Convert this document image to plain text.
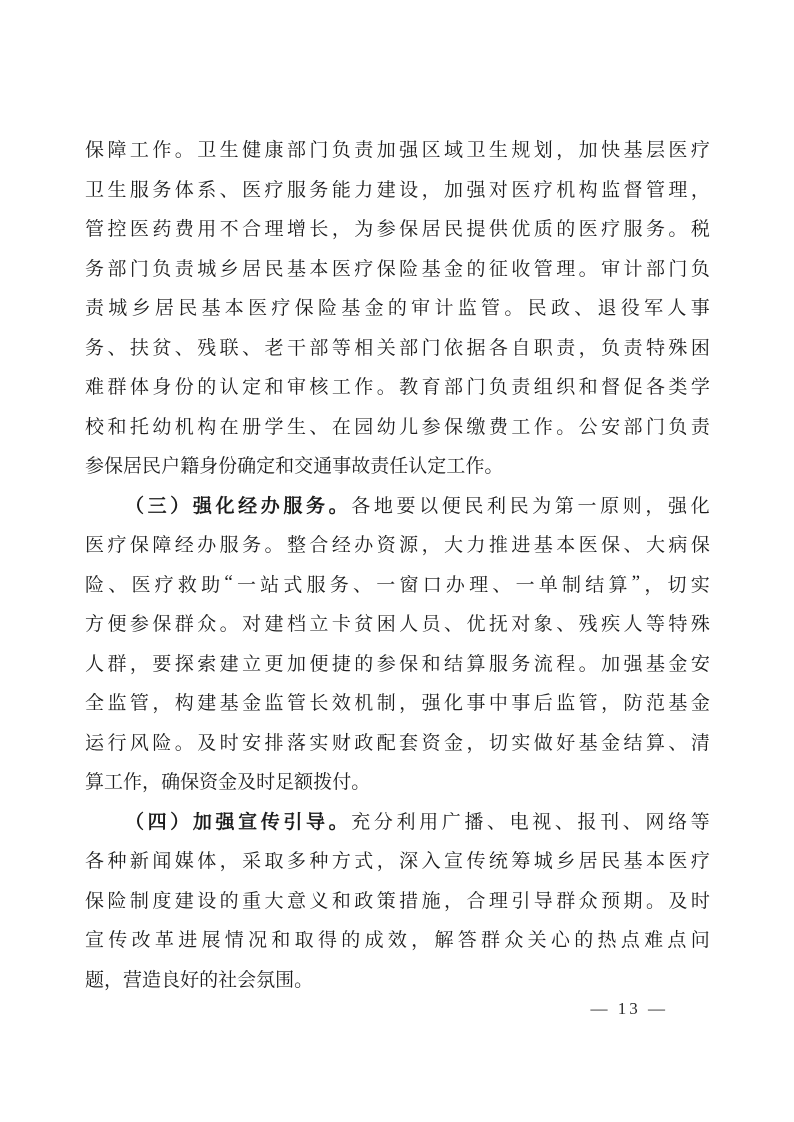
保 障 工 作 。 卫 生 健 康 部 门 负 责 加 强 区 域 卫 生 规 划 ， 加 快 基 层 医 疗
卫 生 服 务 体 系 、 医 疗 服 务 能 力 建 设 ， 加 强 对 医 疗 机 构 监 督 管 理 ，
管 控 医 药 费 用 不 合 理 增 长 ， 为 参 保 居 民 提 供 优 质 的 医 疗 服 务 。 税
务 部 门 负 责 城 乡 居 民 基 本 医 疗 保 险 基 金 的 征 收 管 理 。 审 计 部 门 负
责 城 乡 居 民 基 本 医 疗 保 险 基 金 的 审 计 监 管 。 民 政 、 退 役 军 人 事
务 、 扶 贫 、 残 联 、 老 干 部 等 相 关 部 门 依 据 各 自 职 责 ， 负 责 特 殊 困
难 群 体 身 份 的 认 定 和 审 核 工 作 。 教 育 部 门 负 责 组 织 和 督 促 各 类 学
校 和 托 幼 机 构 在 册 学 生 、 在 园 幼 儿 参 保 缴 费 工 作 。 公 安 部 门 负 责
参 保 居 民 户 籍 身 份 确 定 和 交 通 事 故 责 任 认 定 工 作 。
（ 三 ） 强 化 经 办 服 务 。 各 地 要 以 便 民 利 民 为 第 一 原 则 ， 强 化
医 疗 保 障 经 办 服 务 。 整 合 经 办 资 源 ， 大 力 推 进 基 本 医 保 、 大 病 保
险 、 医 疗 救 助 “ 一 站 式 服 务 、 一 窗 口 办 理 、 一 单 制 结 算 ” ， 切 实
方 便 参 保 群 众 。 对 建 档 立 卡 贫 困 人 员 、 优 抚 对 象 、 残 疾 人 等 特 殊
人 群 ， 要 探 索 建 立 更 加 便 捷 的 参 保 和 结 算 服 务 流 程 。 加 强 基 金 安
全 监 管 ， 构 建 基 金 监 管 长 效 机 制 ， 强 化 事 中 事 后 监 管 ， 防 范 基 金
运 行 风 险 。 及 时 安 排 落 实 财 政 配 套 资 金 ， 切 实 做 好 基 金 结 算 、 清
算 工 作 ， 确 保 资 金 及 时 足 额 拨 付 。
（ 四 ） 加 强 宣 传 引 导 。 充 分 利 用 广 播 、 电 视 、 报 刊 、 网 络 等
各 种 新 闻 媒 体 ， 采 取 多 种 方 式 ， 深 入 宣 传 统 筹 城 乡 居 民 基 本 医 疗
保 险 制 度 建 设 的 重 大 意 义 和 政 策 措 施 ， 合 理 引 导 群 众 预 期 。 及 时
宣 传 改 革 进 展 情 况 和 取 得 的 成 效 ， 解 答 群 众 关 心 的 热 点 难 点 问
题 ， 营 造 良 好 的 社 会 氛 围 。
— 13 —
